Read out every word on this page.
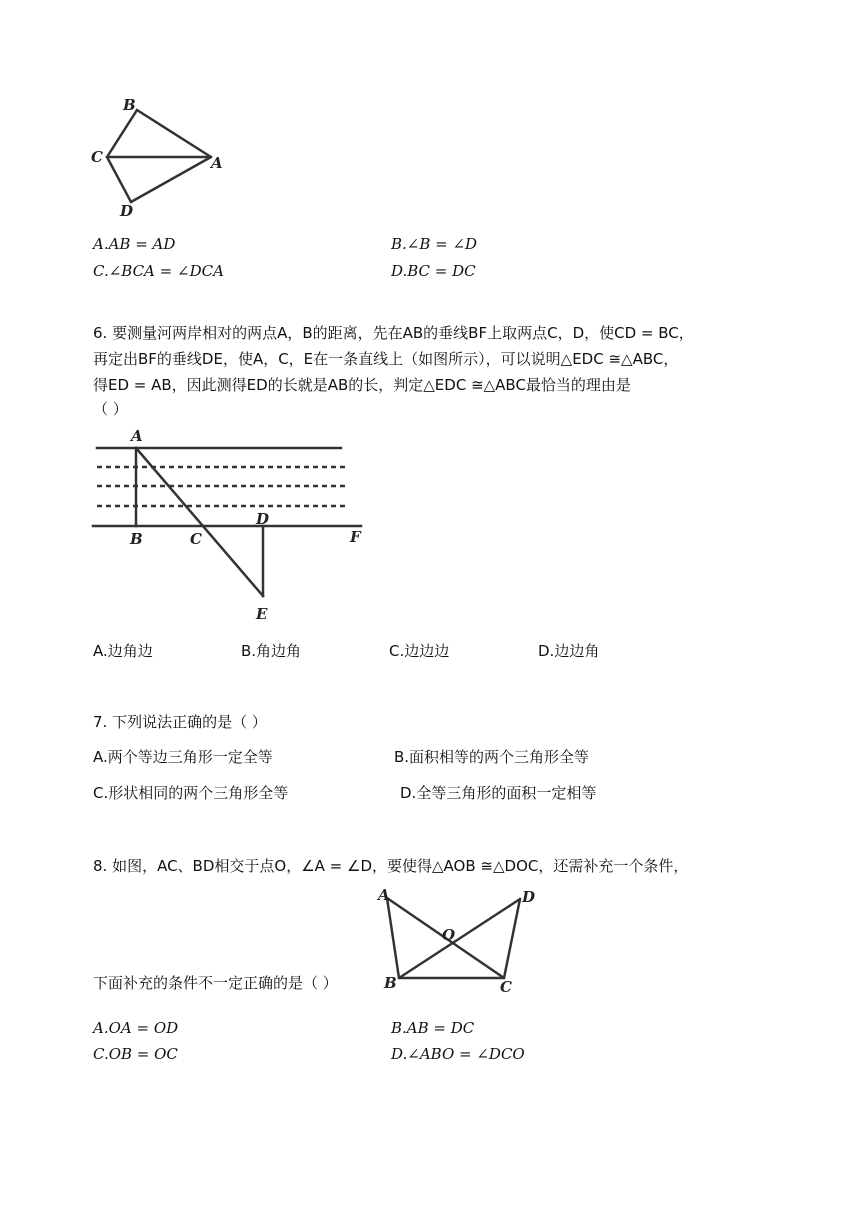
B
C	A
D
A.AB = AD	B.∠B = ∠D
C.∠BCA = ∠DCA	D.BC = DC
6. 要测量河两岸相对的两点A，B的距离，先在AB的垂线BF上取两点C，D，使CD = BC，
再定出BF的垂线DE，使A，C，E在一条直线上（如图所示），可以说明△EDC ≅△ABC，
得ED = AB，因此测得ED的长就是AB的长，判定△EDC ≅△ABC最恰当的理由是
（ ）
A
B	C
D
F
E
A.边角边	B.角边角	C.边边边	D.边边角
7. 下列说法正确的是（ ）
A.两个等边三角形一定全等	B.面积相等的两个三角形全等
C.形状相同的两个三角形全等	D.全等三角形的面积一定相等
8. 如图，AC、BD相交于点O，∠A = ∠D，要使得△AOB ≅△DOC，还需补充一个条件，
A	D
O
B	C
下面补充的条件不一定正确的是（ ）
A.OA = OD	B.AB = DC
C.OB = OC	D.∠ABO = ∠DCO
